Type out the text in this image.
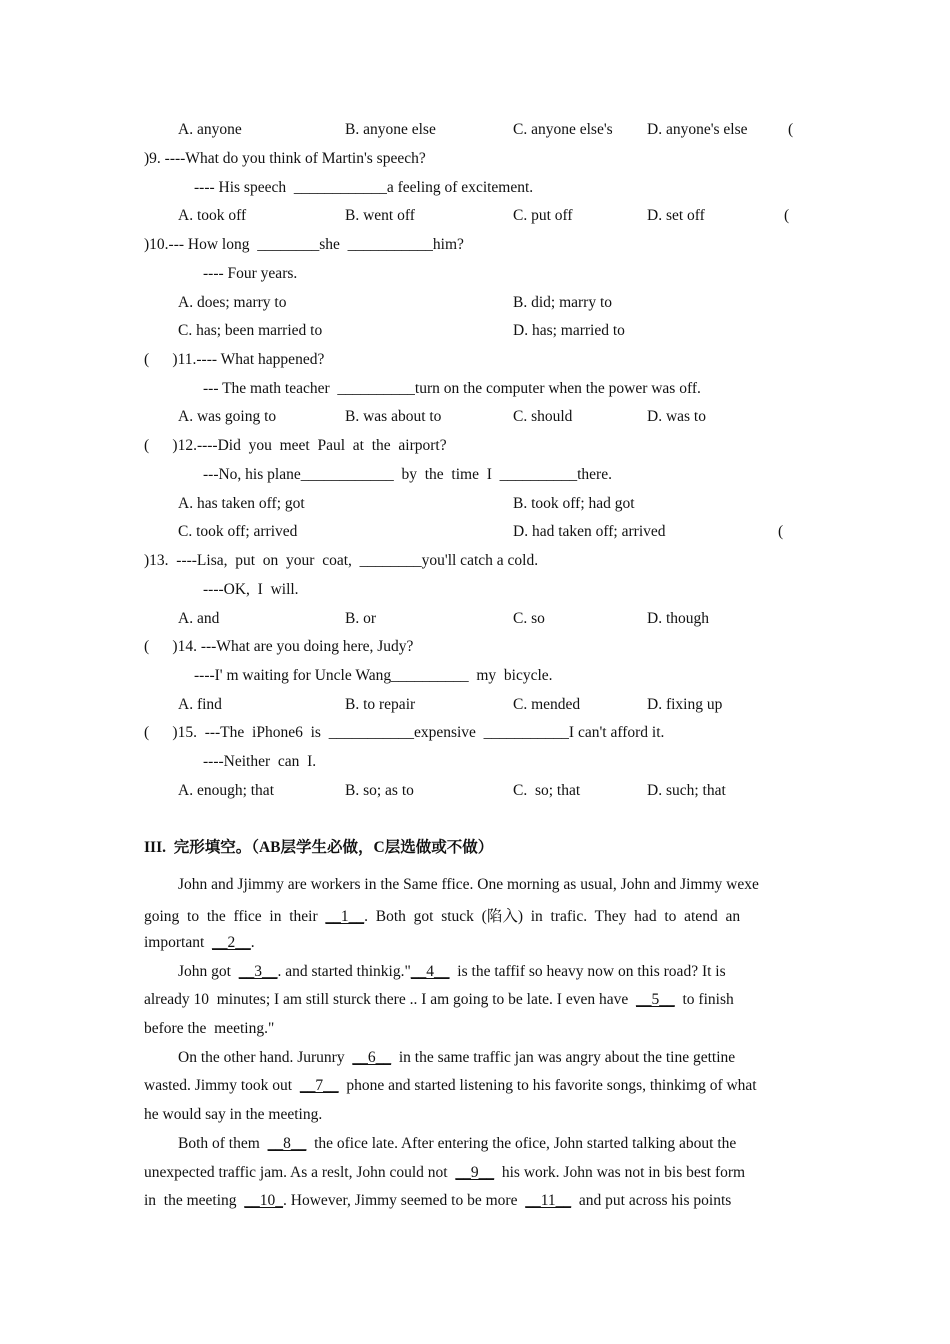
A. anyone	B. anyone else	C. anyone else's D. anyone's else	(
)9. ----What do you think of Martin's speech?
---- His speech  ____________a feeling of excitement.
A. took off	B. went off	C. put off	D. set off	(
)10.--- How long  ________she  ___________him?
---- Four years.
A. does; marry to	B. did; marry to
C. has; been married to	D. has; married to
(      )11.---- What happened?
--- The math teacher  __________turn on the computer when the power was off.
A. was going to	B. was about to	C. should	D. was to
(      )12.----Did  you  meet  Paul  at  the  airport?
---No, his plane____________  by  the  time  I  __________there.
A. has taken off; got	B. took off; had got
C. took off; arrived	D. had taken off; arrived	(
)13.  ----Lisa,  put  on  your  coat,  ________you'll catch a cold.
----OK,  I  will.
A. and	B. or	C. so	D. though
(      )14. ---What are you doing here, Judy?
----I' m waiting for Uncle Wang__________  my  bicycle.
A. find	B. to repair	C. mended	D. fixing up
(      )15.  ---The  iPhone6  is  ___________expensive  ___________I can't afford it.
----Neither  can  I.
A. enough; that	B. so; as to	C.  so; that	D. such; that
III.  完形填空。（AB层学生必做，C层选做或不做）
John and Jjimmy are workers in the Same ffice. One morning as usual, John and Jimmy wexe
going  to  the  ffice  in  their  __1__.  Both  got  stuck  (陷入)  in  trafic.  They  had  to  atend  an
important  __2__.
John got  __3__. and started thinkig."__4__  is the taffif so heavy now on this road? It is
already 10  minutes; I am still sturck there .. I am going to be late. I even have  __5__  to finish
before the  meeting."
On the other hand. Jurunry  __6__  in the same traffic jan was angry about the tine gettine
wasted. Jimmy took out  __7__  phone and started listening to his favorite songs, thinkimg of what
he would say in the meeting.
Both of them  __8__  the ofice late. After entering the ofice, John started talking about the
unexpected traffic jam. As a reslt, John could not  __9__  his work. John was not in bis best form
in  the meeting  __10_. However, Jimmy seemed to be more  __11__  and put across his points
